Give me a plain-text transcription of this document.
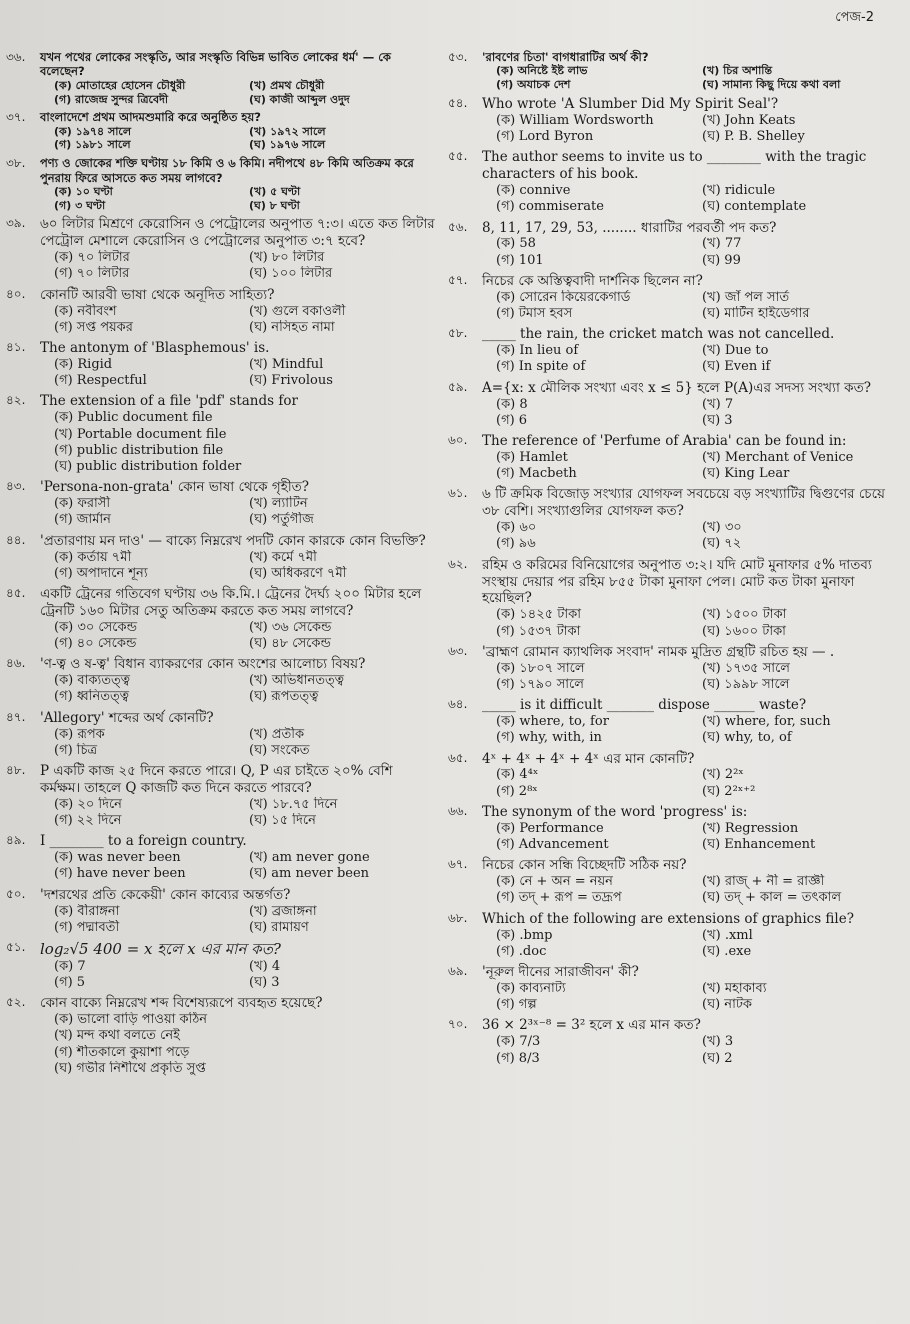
পেজ-2
৩৬. যখন পথের লোকের সংস্কৃতি, আর সংস্কৃতি বিভিন্ন ভাবিত লোকের ধর্ম' — কে বলেছেন?
(ক) মোতাহের হোসেন চৌধুরী	(খ) প্রমথ চৌধুরী
(গ) রাজেন্দ্র সুন্দর ত্রিবেদী	(ঘ) কাজী আব্দুল ওদুদ
৩৭. বাংলাদেশে প্রথম আদমশুমারি করে অনুষ্ঠিত হয়?
(ক) ১৯৭৪ সালে	(খ) ১৯৭২ সালে
(গ) ১৯৮১ সালে	(ঘ) ১৯৭৬ সালে
৩৮. পণ্য ও জোকের শক্তি ঘণ্টায় ১৮ কিমি ও ৬ কিমি। নদীপথে ৪৮ কিমি অতিক্রম করে পুনরায় ফিরে আসতে কত সময় লাগবে?
(ক) ১০ ঘণ্টা	(খ) ৫ ঘণ্টা
(গ) ৩ ঘণ্টা	(ঘ) ৮ ঘণ্টা
৩৯. ৬০ লিটার মিশ্রণে কেরোসিন ও পেট্রোলের অনুপাত ৭:৩। এতে কত লিটার পেট্রোল মেশালে কেরোসিন ও পেট্রোলের অনুপাত ৩:৭ হবে?
(ক) ৭০ লিটার	(খ) ৮০ লিটার
(গ) ৭০ লিটার	(ঘ) ১০০ লিটার
৪০. কোনটি আরবী ভাষা থেকে অনূদিত সাহিত্য?
(ক) নবীবংশ	(খ) গুলে বকাওলী
(গ) সপ্ত পয়কর	(ঘ) নসিহত নামা
৪১. The antonym of 'Blasphemous' is.
(ক) Rigid	(খ) Mindful
(গ) Respectful	(ঘ) Frivolous
৪২. The extension of a file 'pdf' stands for
(ক) Public document file
(খ) Portable document file
(গ) public distribution file
(ঘ) public distribution folder
৪৩. 'Persona-non-grata' কোন ভাষা থেকে গৃহীত?
(ক) ফরাসী	(খ) ল্যাটিন
(গ) জার্মান	(ঘ) পর্তুগীজ
৪৪. 'প্রতারণায় মন দাও' — বাক্যে নিম্নরেখ পদটি কোন কারকে কোন বিভক্তি?
(ক) কর্তায় ৭মী	(খ) কর্মে ৭মী
(গ) অপাদানে শূন্য	(ঘ) অধিকরণে ৭মী
৪৫. একটি ট্রেনের গতিবেগ ঘণ্টায় ৩৬ কি.মি.। ট্রেনের দৈর্ঘ্য ২০০ মিটার হলে ট্রেনটি ১৬০ মিটার সেতু অতিক্রম করতে কত সময় লাগবে?
(ক) ৩০ সেকেন্ড	(খ) ৩৬ সেকেন্ড
(গ) ৪০ সেকেন্ড	(ঘ) ৪৮ সেকেন্ড
৪৬. 'ণ-ত্ব ও ষ-ত্ব' বিধান ব্যাকরণের কোন অংশের আলোচ্য বিষয়?
(ক) বাক্যতত্ত্ব	(খ) অভিধানতত্ত্ব
(গ) ধ্বনিতত্ত্ব	(ঘ) রূপতত্ত্ব
৪৭. 'Allegory' শব্দের অর্থ কোনটি?
(ক) রূপক	(খ) প্রতীক
(গ) চিত্র	(ঘ) সংকেত
৪৮. P একটি কাজ ২৫ দিনে করতে পারে। Q, P এর চাইতে ২০% বেশি কর্মক্ষম। তাহলে Q কাজটি কত দিনে করতে পারবে?
(ক) ২০ দিনে	(খ) ১৮.৭৫ দিনে
(গ) ২২ দিনে	(ঘ) ১৫ দিনে
৪৯. I ________ to a foreign country.
(ক) was never been	(খ) am never gone
(গ) have never been	(ঘ) am never been
৫০. 'দশরথের প্রতি কেকেয়ী' কোন কাব্যের অন্তর্গত?
(ক) বীরাঙ্গনা	(খ) ব্রজাঙ্গনা
(গ) পদ্মাবতী	(ঘ) রামায়ণ
৫১. log₂√5 400 = x হলে x এর মান কত?
(ক) 7	(খ) 4
(গ) 5	(ঘ) 3
৫২. কোন বাক্যে নিম্নরেখ শব্দ বিশেষ্যরূপে ব্যবহৃত হয়েছে?
(ক) ভালো বাড়ি পাওয়া কঠিন
(খ) মন্দ কথা বলতে নেই
(গ) শীতকালে কুয়াশা পড়ে
(ঘ) গভীর নিশীথে প্রকৃতি সুপ্ত
৫৩. 'রাবণের চিতা' বাগধারাটির অর্থ কী?
(ক) অনিষ্টে ইষ্ট লাভ	(খ) চির অশান্তি
(গ) অযাচক দেশ	(ঘ) সামান্য কিছু দিয়ে কথা বলা
৫৪. Who wrote 'A Slumber Did My Spirit Seal'?
(ক) William Wordsworth	(খ) John Keats
(গ) Lord Byron	(ঘ) P. B. Shelley
৫৫. The author seems to invite us to ________ with the tragic characters of his book.
(ক) connive	(খ) ridicule
(গ) commiserate	(ঘ) contemplate
৫৬. 8, 11, 17, 29, 53, ........ ধারাটির পরবর্তী পদ কত?
(ক) 58	(খ) 77
(গ) 101	(ঘ) 99
৫৭. নিচের কে অস্তিত্ববাদী দার্শনিক ছিলেন না?
(ক) সোরেন কিয়েরকেগার্ড	(খ) জাঁ পল সার্ত
(গ) টমাস হবস	(ঘ) মার্টিন হাইডেগার
৫৮. _____ the rain, the cricket match was not cancelled.
(ক) In lieu of	(খ) Due to
(গ) In spite of	(ঘ) Even if
৫৯. A={x: x মৌলিক সংখ্যা এবং x ≤ 5} হলে P(A)এর সদস্য সংখ্যা কত?
(ক) 8	(খ) 7
(গ) 6	(ঘ) 3
৬০. The reference of 'Perfume of Arabia' can be found in:
(ক) Hamlet	(খ) Merchant of Venice
(গ) Macbeth	(ঘ) King Lear
৬১. ৬ টি ক্রমিক বিজোড় সংখ্যার যোগফল সবচেয়ে বড় সংখ্যাটির দ্বিগুণের চেয়ে ৩৮ বেশি। সংখ্যাগুলির যোগফল কত?
(ক) ৬০	(খ) ৩০
(গ) ৯৬	(ঘ) ৭২
৬২. রহিম ও করিমের বিনিয়োগের অনুপাত ৩:২। যদি মোট মুনাফার ৫% দাতব্য সংস্থায় দেয়ার পর রহিম ৮৫৫ টাকা মুনাফা পেল। মোট কত টাকা মুনাফা হয়েছিল?
(ক) ১৪২৫ টাকা	(খ) ১৫০০ টাকা
(গ) ১৫৩৭ টাকা	(ঘ) ১৬০০ টাকা
৬৩. 'ব্রাহ্মণ রোমান ক্যাথলিক সংবাদ' নামক মুদ্রিত গ্রন্থটি রচিত হয় — .
(ক) ১৮০৭ সালে	(খ) ১৭৩৫ সালে
(গ) ১৭৯০ সালে	(ঘ) ১৯৯৮ সালে
৬৪. _____ is it difficult _______ dispose ______ waste?
(ক) where, to, for	(খ) where, for, such
(গ) why, with, in	(ঘ) why, to, of
৬৫. 4ˣ + 4ˣ + 4ˣ + 4ˣ এর মান কোনটি?
(ক) 4⁴ˣ	(খ) 2²ˣ
(গ) 2⁸ˣ	(ঘ) 2²ˣ⁺²
৬৬. The synonym of the word 'progress' is:
(ক) Performance	(খ) Regression
(গ) Advancement	(ঘ) Enhancement
৬৭. নিচের কোন সন্ধি বিচ্ছেদটি সঠিক নয়?
(ক) নে + অন = নয়ন	(খ) রাজ্ + নী = রাজ্ঞী
(গ) তদ্ + রূপ = তদ্রূপ	(ঘ) তদ্ + কাল = তৎকাল
৬৮. Which of the following are extensions of graphics file?
(ক) .bmp	(খ) .xml
(গ) .doc	(ঘ) .exe
৬৯. 'নূরুল দীনের সারাজীবন' কী?
(ক) কাব্যনাট্য	(খ) মহাকাব্য
(গ) গল্প	(ঘ) নাটক
৭০. 36 × 2³ˣ⁻⁸ = 3² হলে x এর মান কত?
(ক) 7/3	(খ) 3
(গ) 8/3	(ঘ) 2
